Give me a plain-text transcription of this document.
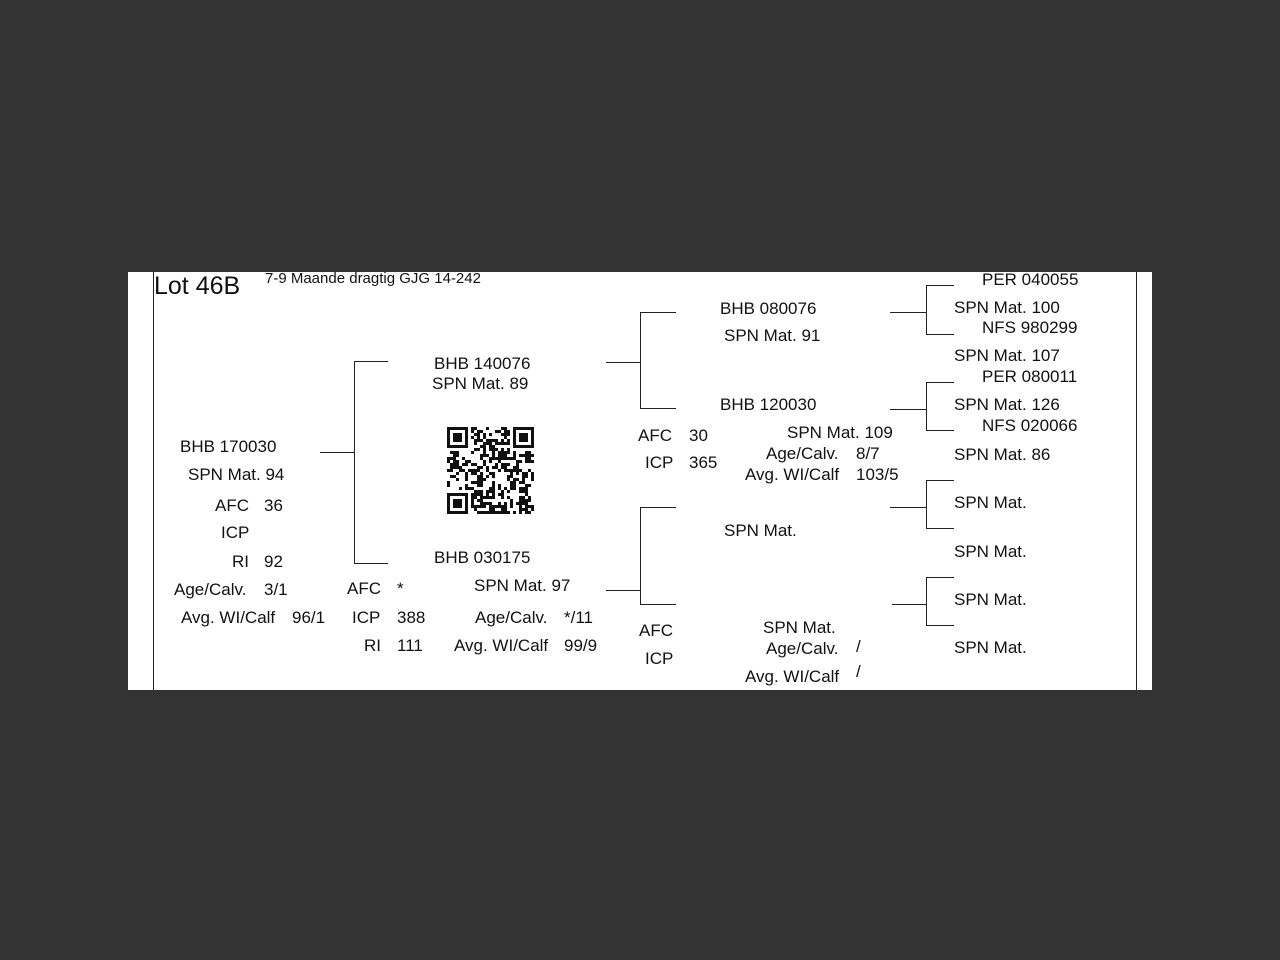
Lot 46B 7-9 Maande dragtig GJG 14-242
BHB 170030
SPN Mat. 94
AFC 36
ICP
RI 92
Age/Calv. 3/1
Avg. WI/Calf 96/1
BHB 140076
SPN Mat. 89
BHB 030175
SPN Mat. 97
AFC *
ICP 388
RI 111
Age/Calv. */11
Avg. WI/Calf 99/9
BHB 080076
SPN Mat. 91
BHB 120030
SPN Mat. 109
AFC 30
ICP 365	Age/Calv. 8/7
Avg. WI/Calf 103/5
SPN Mat.
SPN Mat.
AFC
ICP
Age/Calv. /
Avg. WI/Calf /
PER 040055
SPN Mat. 100
NFS 980299
SPN Mat. 107
PER 080011
SPN Mat. 126
NFS 020066
SPN Mat. 86
SPN Mat.
SPN Mat.
SPN Mat.
SPN Mat.
